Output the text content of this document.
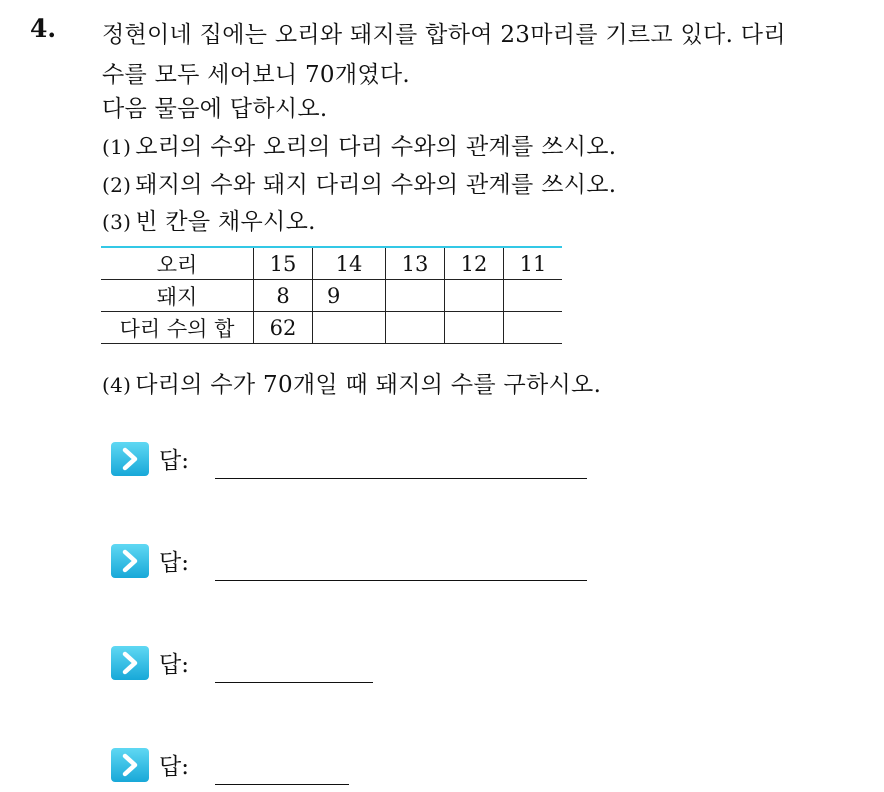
4. 정현이네 집에는 오리와 돼지를 합하여 23마리를 기르고 있다. 다리
수를 모두 세어보니 70개였다.
다음 물음에 답하시오.
(1) 오리의 수와 오리의 다리 수와의 관계를 쓰시오.
(2) 돼지의 수와 돼지 다리의 수와의 관계를 쓰시오.
(3) 빈 칸을 채우시오.
오리	15	14	13	12	11
돼지	8	9			
다리 수의 합	62				
(4) 다리의 수가 70개일 때 돼지의 수를 구하시오.
답:
답:
답:
답:
